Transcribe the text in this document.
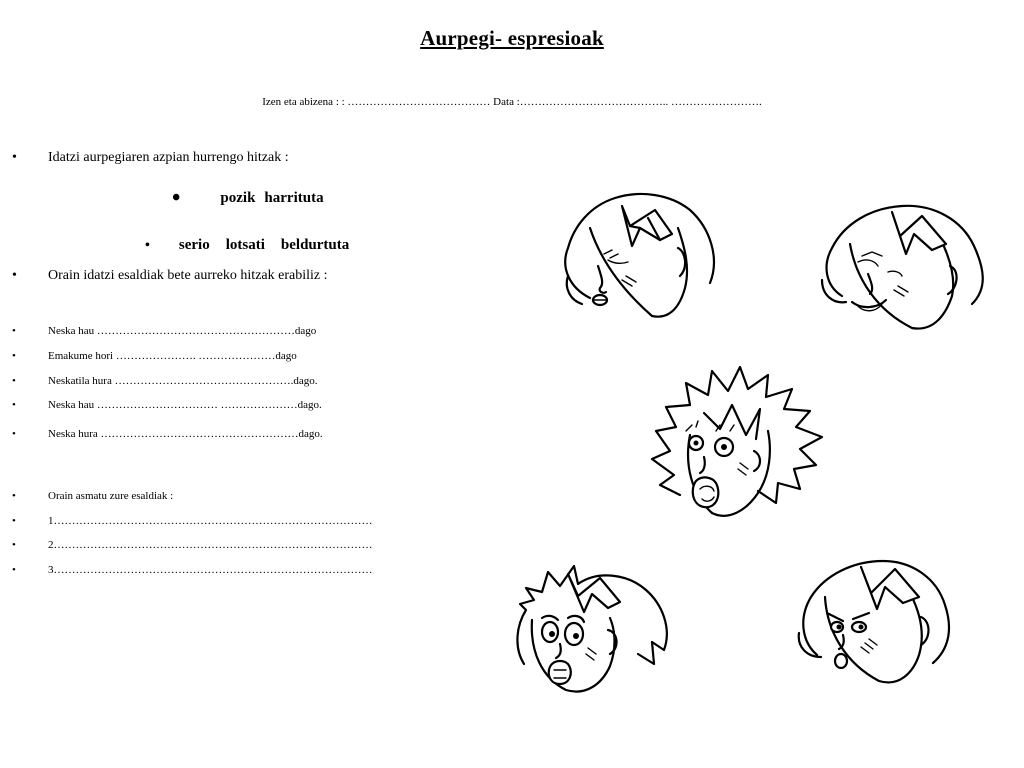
Aurpegi- espresioak
Izen eta abizena : : ………………………………… Data :………………………………….. …………………….
•	Idatzi aurpegiaren azpian hurrengo hitzak :
•	pozik harrituta
• serio lotsati beldurtuta
•	Orain idatzi esaldiak bete aurreko hitzak erabiliz :
•	Neska hau ………………………………………………dago
•	Emakume hori …………………. …………………dago
•	Neskatila hura ………………………………………….dago.
•	Neska hau …………………………… …………………dago.
•	Neska hura ………………………………………………dago.
•	Orain asmatu zure esaldiak :
•	1……………………………………………………………………………
•	2……………………………………………………………………………
•	3……………………………………………………………………………
